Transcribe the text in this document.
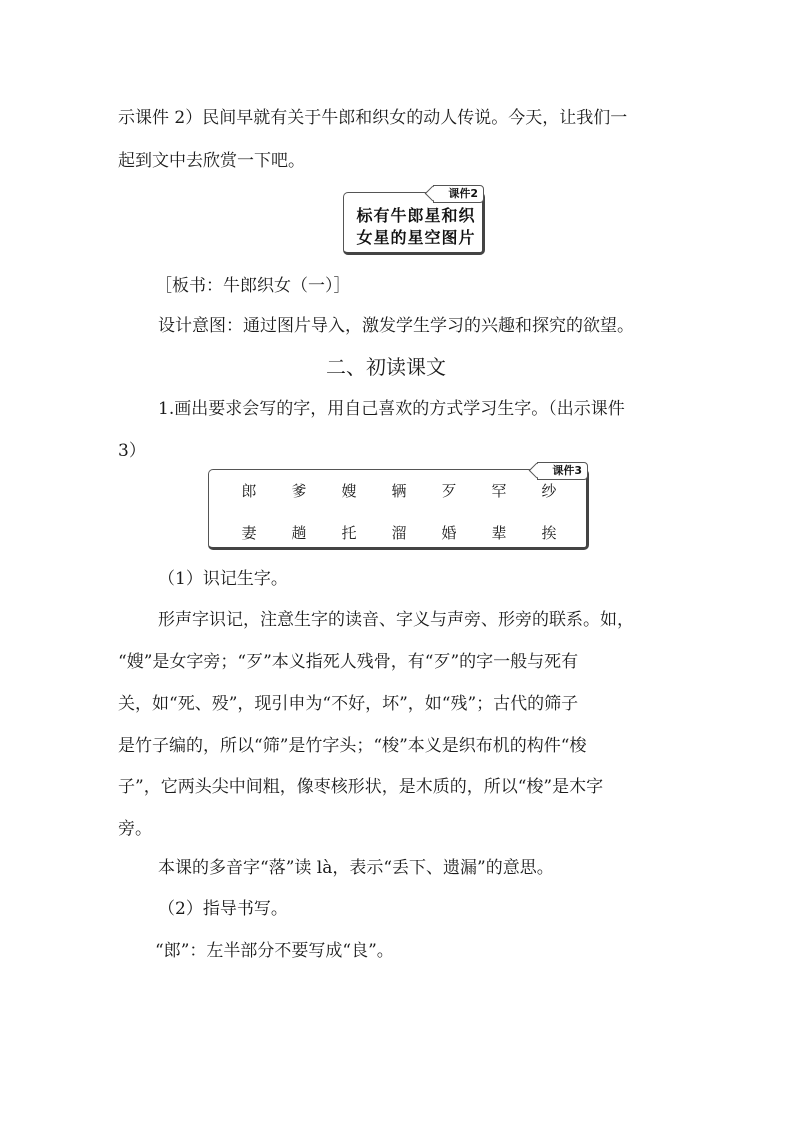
示课件 2）民间早就有关于牛郎和织女的动人传说。今天，让我们一
起到文中去欣赏一下吧。
课件2
标有牛郎星和织
女星的星空图片
［板书：牛郎织女（一）］
设计意图：通过图片导入，激发学生学习的兴趣和探究的欲望。
二、初读课文
1.画出要求会写的字，用自己喜欢的方式学习生字。（出示课件
3）
课件3
郎 爹 嫂 辆 歹 罕 纱
妻 趟 托 溜 婚 辈 挨
（1）识记生字。
形声字识记，注意生字的读音、字义与声旁、形旁的联系。如，
“嫂”是女字旁；“歹”本义指死人残骨，有“歹”的字一般与死有
关，如“死、殁”，现引申为“不好，坏”，如“残”；古代的筛子
是竹子编的，所以“筛”是竹字头；“梭”本义是织布机的构件“梭
子”，它两头尖中间粗，像枣核形状，是木质的，所以“梭”是木字
旁。
本课的多音字“落”读 là，表示“丢下、遗漏”的意思。
（2）指导书写。
“郎”：左半部分不要写成“良”。
